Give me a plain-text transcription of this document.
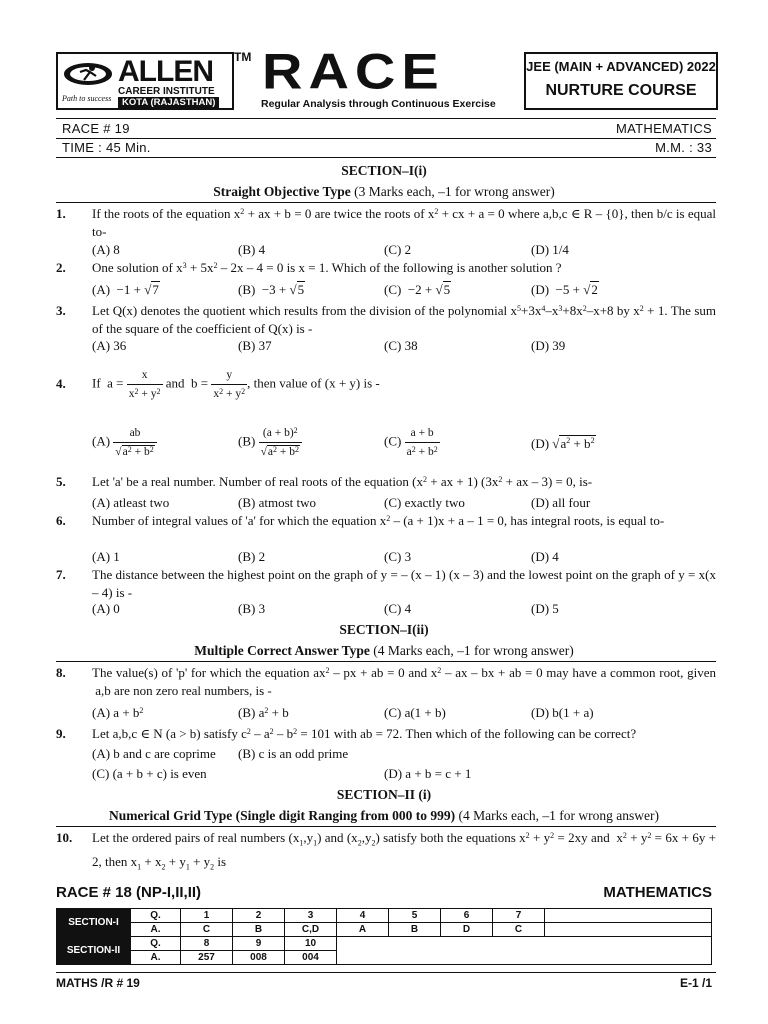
ALLEN
CAREER INSTITUTE
KOTA (RAJASTHAN)
Path to success
TM RACE
Regular Analysis through Continuous Exercise
JEE (MAIN + ADVANCED) 2022
NURTURE COURSE
RACE # 19	MATHEMATICS
TIME : 45 Min.	M.M. : 33
SECTION–I(i)
Straight Objective Type (3 Marks each, –1 for wrong answer)
1. If the roots of the equation $x^2$ + ax + b = 0 are twice the roots of $x^2$ + cx + a = 0 where a,b,c ∈ R – {0}, then b/c is equal to-
(A) 8	(B) 4	(C) 2	(D) 1/4
2. One solution of $x^3 + 5x^2 - 2x - 4 = 0$ is x = 1. Which of the following is another solution ?
(A)  −1 + √7	(B)  −3 + √5	(C)  −2 + √5	(D)  −5 + √2
3. Let Q(x) denotes the quotient which results from the division of the polynomial $x^5+3x^4-x^3+8x^2-x+8$ by $x^2 + 1$. The sum of the square of the coefficient of Q(x) is -
(A) 36	(B) 37	(C) 38	(D) 39
4. If  $a = \frac{x}{x^2 + y^2}$ and  $b = \frac{y}{x^2 + y^2}$ , then value of (x + y) is -
$(A) \frac{ab}{√a^2 + b^2}$	$(B) \frac{(a + b)^2}{√a^2 + b^2}$	$(C) \frac{a + b}{a^2 + b^2}$	(D) $√a^2 + b^2$
5. Let 'a' be a real number. Number of real roots of the equation ($x^2$ + ax + 1) ($3x^2$ + ax – 3) = 0, is-
(A) atleast two	(B) atmost two	(C) exactly two	(D) all four
6. Number of integral values of 'a' for which the equation $x^2 - (a + 1)x + a - 1 = 0$, has integral roots, is equal to-
(A) 1	(B) 2	(C) 3	(D) 4
7. The distance between the highest point on the graph of y = – (x – 1) (x – 3) and the lowest point on the graph of y = x(x – 4) is -
(A) 0	(B) 3	(C) 4	(D) 5
SECTION–I(ii)
Multiple Correct Answer Type (4 Marks each, –1 for wrong answer)
8. The value(s) of 'p' for which the equation $ax^2$ – px + ab = 0 and $x^2$ – ax – bx + ab = 0 may have a common root, given  a,b are non zero real numbers, is -
(A) $a + b^2$	(B) $a^2 + b$	(C) a(1 + b)	(D) b(1 + a)
9. Let a,b,c ∈ N (a > b) satisfy $c^2 - a^2 - b^2 = 101$ with ab = 72. Then which of the following can be correct?
(A) b and c are coprime (B) c is an odd prime
(C) (a + b + c) is even	(D) a + b = c + 1
SECTION–II (i)
Numerical Grid Type (Single digit Ranging from 000 to 999) (4 Marks each, –1 for wrong answer)
10. Let the ordered pairs of real numbers $(x_1,y_1)$ and $(x_2,y_2)$ satisfy both the equations $x^2 + y^2 = 2xy$ and  $x^2 + y^2 = 6x + 6y + 2$, then $x_1 + x_2 + y_1 + y_2$ is
RACE # 18 (NP-I,II,II)	MATHEMATICS
SECTION-I	Q.	1	2	3	4	5	6	7	
	A.	C	B	C,D	A	B	D	C	
SECTION-II	Q.	8	9	10					
	A.	257	008	004					
MATHS /R # 19	E-1 /1
